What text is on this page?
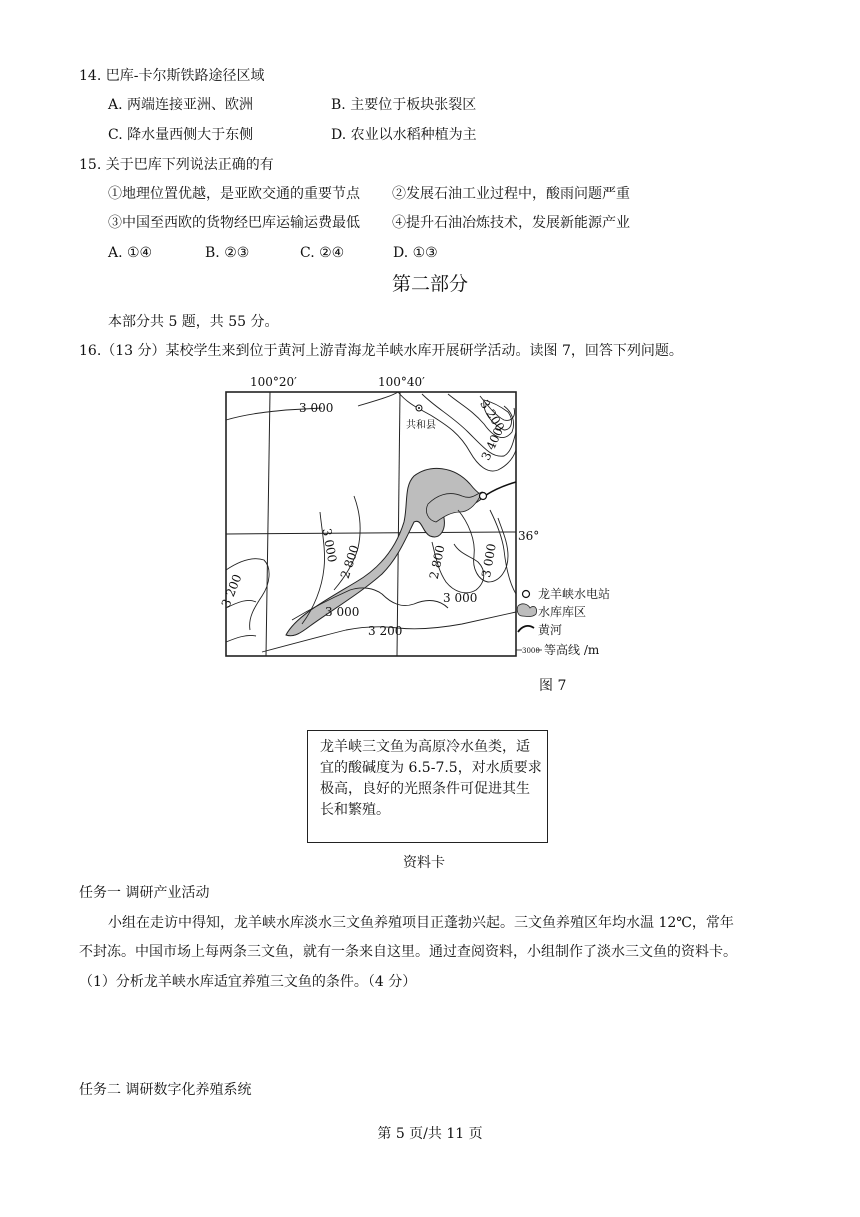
14. 巴库-卡尔斯铁路途径区域
A. 两端连接亚洲、欧洲	B. 主要位于板块张裂区
C. 降水量西侧大于东侧	D. 农业以水稻种植为主
15. 关于巴库下列说法正确的有
①地理位置优越，是亚欧交通的重要节点 ②发展石油工业过程中，酸雨问题严重
③中国至西欧的货物经巴库运输运费最低 ④提升石油冶炼技术，发展新能源产业
A. ①④	B. ②③	C. ②④	D. ①③
第二部分
本部分共 5 题，共 55 分。
16.（13 分）某校学生来到位于黄河上游青海龙羊峡水库开展研学活动。读图 7，回答下列问题。
100°20′	100°40′
36°
共和县
3 000	3 200
3 400
3 000
2 800	2 800	3 000
3 200
3 000
3 000
3 200
龙羊峡水电站
水库库区
黄河
3000 等高线 /m
图 7
龙羊峡三文鱼为高原冷水鱼类，适宜的酸碱度为 6.5-7.5，对水质要求极高，良好的光照条件可促进其生长和繁殖。
资料卡
任务一 调研产业活动
小组在走访中得知，龙羊峡水库淡水三文鱼养殖项目正蓬勃兴起。三文鱼养殖区年均水温 12℃，常年
不封冻。中国市场上每两条三文鱼，就有一条来自这里。通过查阅资料，小组制作了淡水三文鱼的资料卡。
（1）分析龙羊峡水库适宜养殖三文鱼的条件。（4 分）
任务二 调研数字化养殖系统
第 5 页/共 11 页
